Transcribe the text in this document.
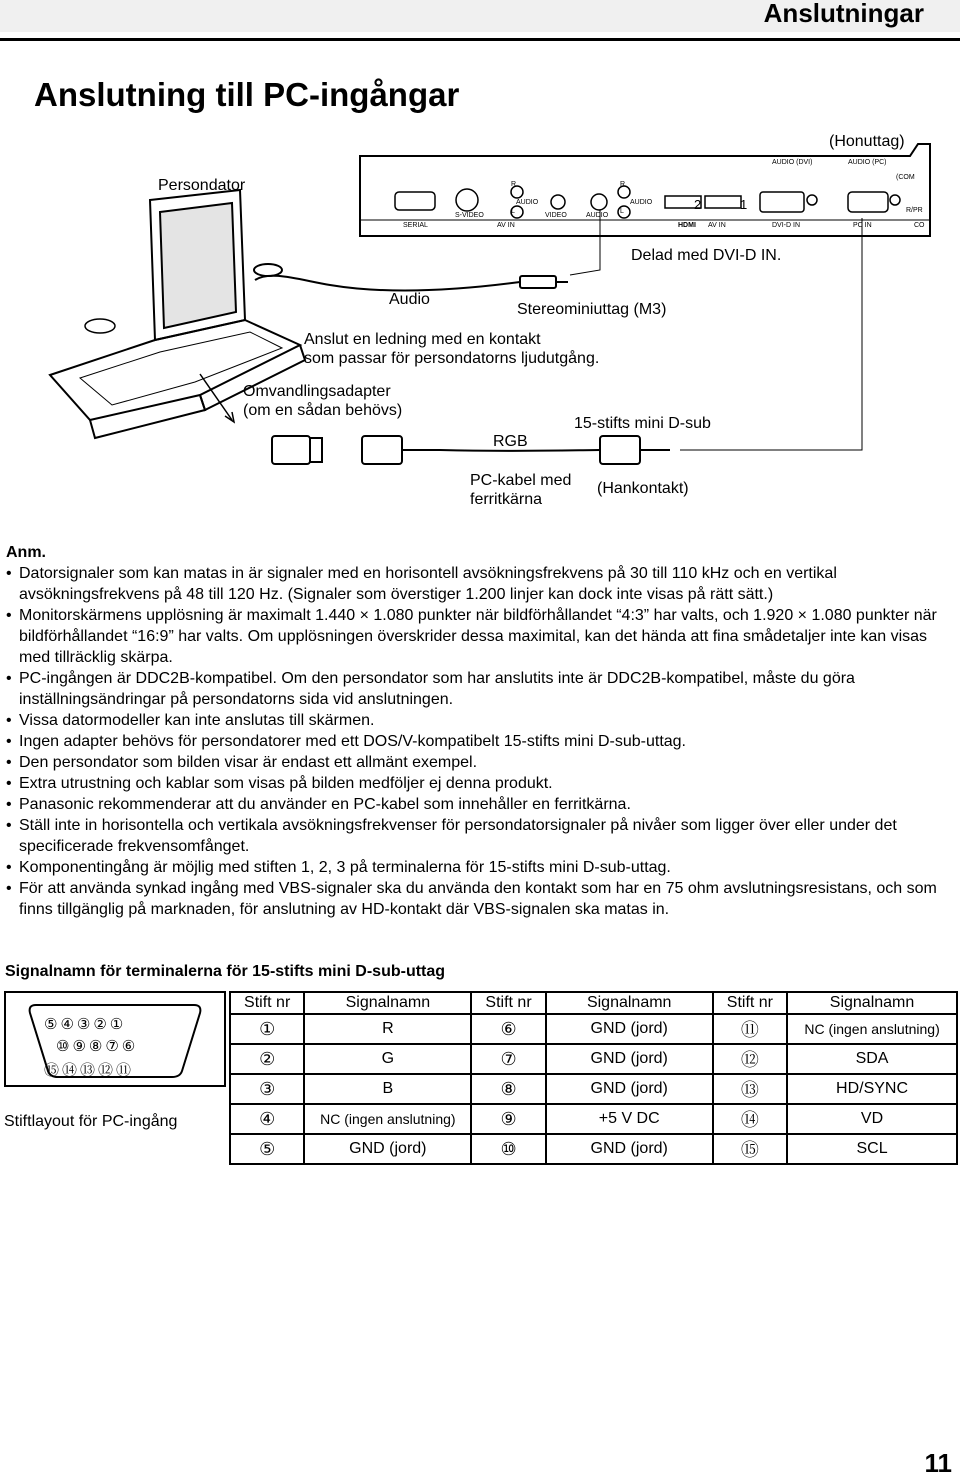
Anslutningar
Anslutning till PC-ingångar
Persondator
(Honuttag)
Delad med DVI-D IN.
Audio
Stereominiuttag (M3)
Anslut en ledning med en kontakt
som passar för persondatorns ljudutgång.
Omvandlingsadapter
(om en sådan behövs)
RGB
15-stifts mini D-sub
PC-kabel med
ferritkärna
(Hankontakt)
SERIAL
S-VIDEO
R
AUDIO
L
VIDEO
AV IN
AUDIO
R
AUDIO
L
HDMI AV IN
2	1
AUDIO (DVI)	AUDIO (PC)
DVI-D IN	PC IN
(COM
R/PR
CO
Anm.
• Datorsignaler som kan matas in är signaler med en horisontell avsökningsfrekvens på 30 till 110 kHz och en vertikal avsökningsfrekvens på 48 till 120 Hz. (Signaler som överstiger 1.200 linjer kan dock inte visas på rätt sätt.)
• Monitorskärmens upplösning är maximalt 1.440 × 1.080 punkter när bildförhållandet “4:3” har valts, och 1.920 × 1.080 punkter när bildförhållandet “16:9” har valts. Om upplösningen överskrider dessa maximital, kan det hända att fina smådetaljer inte kan visas med tillräcklig skärpa.
• PC-ingången är DDC2B-kompatibel. Om den persondator som har anslutits inte är DDC2B-kompatibel, måste du göra inställningsändringar på persondatorns sida vid anslutningen.
• Vissa datormodeller kan inte anslutas till skärmen.
• Ingen adapter behövs för persondatorer med ett DOS/V-kompatibelt 15-stifts mini D-sub-uttag.
• Den persondator som bilden visar är endast ett allmänt exempel.
• Extra utrustning och kablar som visas på bilden medföljer ej denna produkt.
• Panasonic rekommenderar att du använder en PC-kabel som innehåller en ferritkärna.
• Ställ inte in horisontella och vertikala avsökningsfrekvenser för persondatorsignaler på nivåer som ligger över eller under det specificerade frekvensomfånget.
• Komponentingång är möjlig med stiften 1, 2, 3 på terminalerna för 15-stifts mini D-sub-uttag.
• För att använda synkad ingång med VBS-signaler ska du använda den kontakt som har en 75 ohm avslutningsresistans, och som finns tillgänglig på marknaden, för anslutning av HD-kontakt där VBS-signalen ska matas in.
Signalnamn för terminalerna för 15-stifts mini D-sub-uttag
⑤④③②①
⑩⑨⑧⑦⑥
⑮⑭⑬⑫⑪
Stiftlayout för PC-ingång
Stift nr	Signalnamn	Stift nr	Signalnamn	Stift nr	Signalnamn
①	R	⑥	GND (jord)	⑪	NC (ingen anslutning)
②	G	⑦	GND (jord)	⑫	SDA
③	B	⑧	GND (jord)	⑬	HD/SYNC
④	NC (ingen anslutning)	⑨	+5 V DC	⑭	VD
⑤	GND (jord)	⑩	GND (jord)	⑮	SCL
11
